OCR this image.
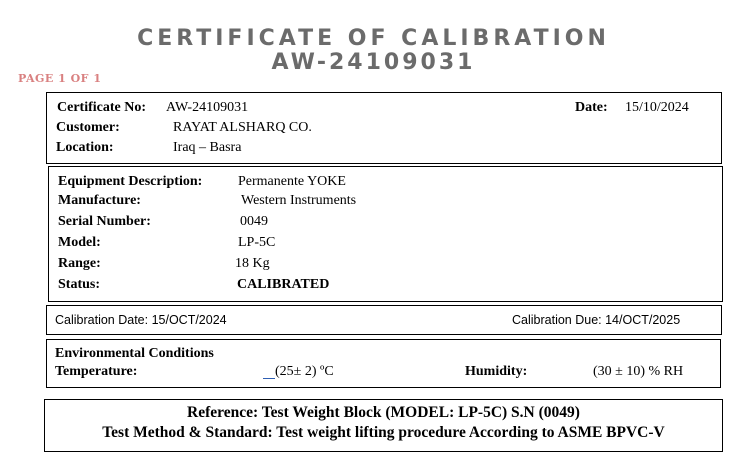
CERTIFICATE OF CALIBRATION
AW-24109031
PAGE 1 OF 1
Certificate No: AW-24109031	Date: 15/10/2024
Customer:	RAYAT ALSHARQ CO.
Location:	Iraq – Basra
Equipment Description:	Permanente YOKE
Manufacture:	Western Instruments
Serial Number:	0049
Model:	LP-5C
Range:	18 Kg
Status:	CALIBRATED
Calibration Date: 15/OCT/2024	Calibration Due: 14/OCT/2025
Environmental Conditions
Temperature:	(25± 2) ºC	Humidity:	(30 ± 10) % RH
Reference: Test Weight Block (MODEL: LP-5C) S.N (0049)
Test Method & Standard: Test weight lifting procedure According to ASME BPVC-V
